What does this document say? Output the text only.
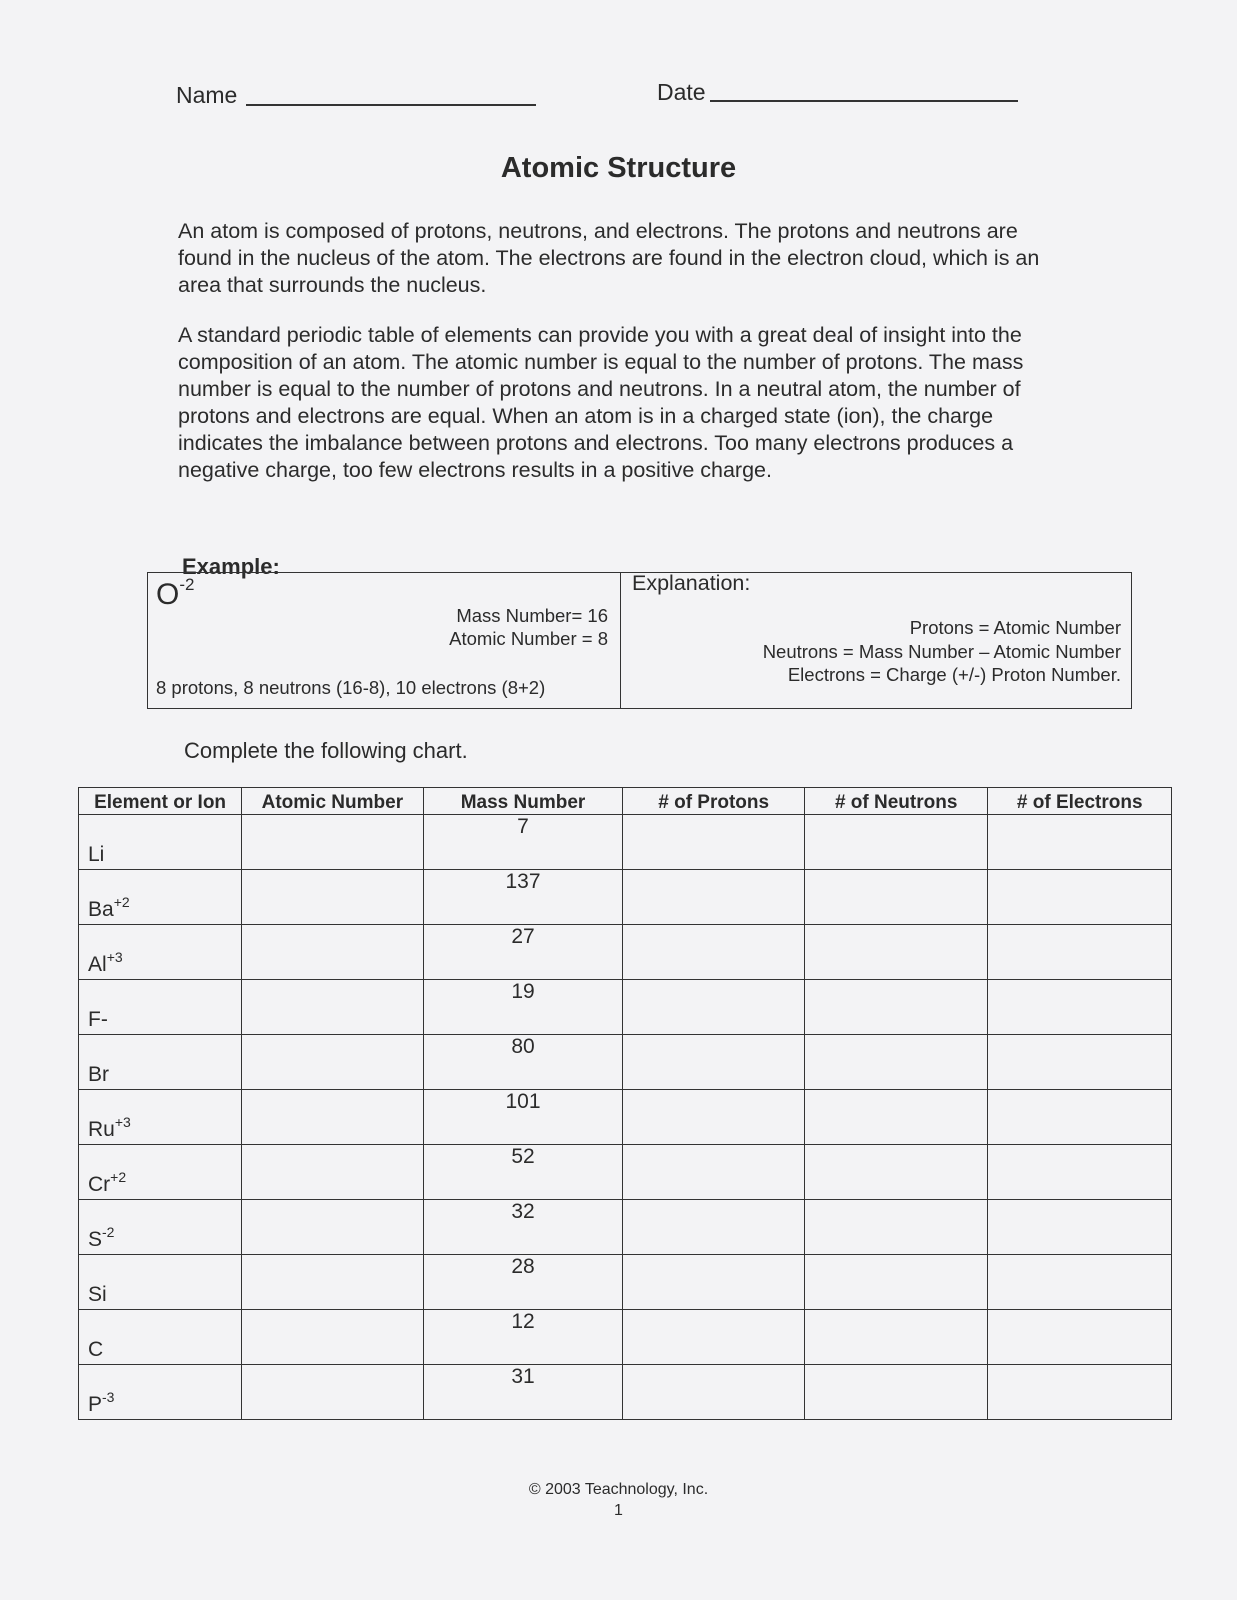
Name	Date
Atomic Structure
An atom is composed of protons, neutrons, and electrons. The protons and neutrons are found in the nucleus of the atom. The electrons are found in the electron cloud, which is an area that surrounds the nucleus.
A standard periodic table of elements can provide you with a great deal of insight into the composition of an atom. The atomic number is equal to the number of protons. The mass number is equal to the number of protons and neutrons. In a neutral atom, the number of protons and electrons are equal. When an atom is in a charged state (ion), the charge indicates the imbalance between protons and electrons. Too many electrons produces a negative charge, too few electrons results in a positive charge.
Example:
$O^{-2}$
Mass Number= 16
Atomic Number = 8
8 protons, 8 neutrons (16-8), 10 electrons (8+2)
Explanation:
Protons = Atomic Number
Neutrons = Mass Number – Atomic Number
Electrons = Charge (+/-) Proton Number.
Complete the following chart.
Element or Ion	Atomic Number	Mass Number	# of Protons	# of Neutrons	# of Electrons

Li		7			

$Ba^{+2}$		137			

$Al^{+3}$		27			

F-		19			

Br		80			

$Ru^{+3}$		101			

$Cr^{+2}$		52			

$S^{-2}$		32			

Si		28			

C		12			

$P^{-3}$		31			

© 2003 Teachnology, Inc.
1
